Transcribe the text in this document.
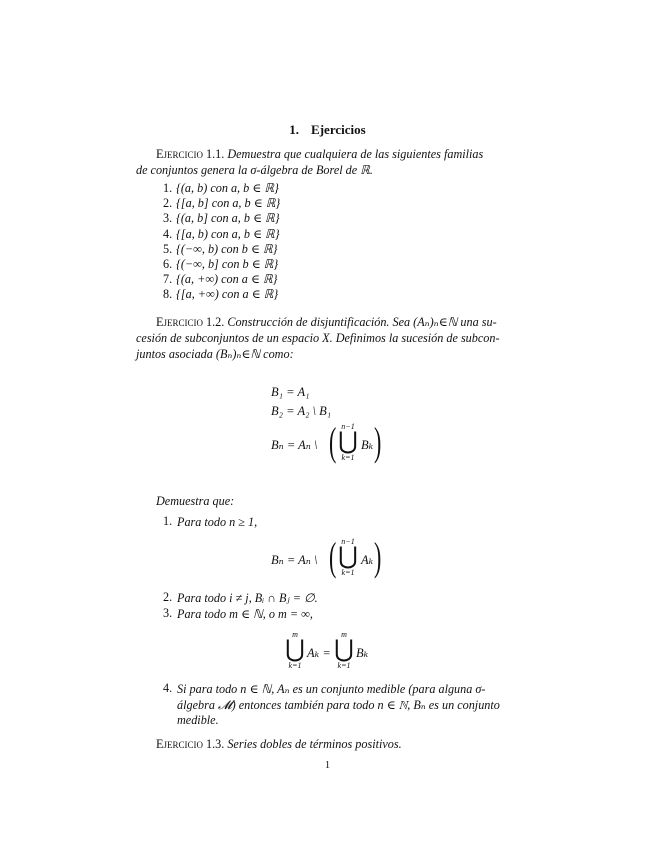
1. Ejercicios
Ejercicio 1.1. Demuestra que cualquiera de las siguientes familias
de conjuntos genera la σ-álgebra de Borel de ℝ.
1. {(a, b) con a, b ∈ ℝ}
2. {[a, b] con a, b ∈ ℝ}
3. {(a, b] con a, b ∈ ℝ}
4. {[a, b) con a, b ∈ ℝ}
5. {(−∞, b) con b ∈ ℝ}
6. {(−∞, b] con b ∈ ℝ}
7. {(a, +∞) con a ∈ ℝ}
8. {[a, +∞) con a ∈ ℝ}
Ejercicio 1.2. Construcción de disjuntificación. Sea (Aₙ)ₙ∈ℕ una su-
cesión de subconjuntos de un espacio X. Definimos la sucesión de subcon-
juntos asociada (Bₙ)ₙ∈ℕ como:
B₁ = A₁
B₂ = A₂ \ B₁
Bₙ = Aₙ \ ( n−1
⋃
k=1
Bₖ )
Demuestra que:
1. Para todo n ≥ 1,
Bₙ = Aₙ \ ( n−1
⋃
k=1
Aₖ )
2. Para todo i ≠ j, Bᵢ ∩ Bⱼ = ∅.
3. Para todo m ∈ ℕ, o m = ∞,
m
⋃
k=1
Aₖ =
m
⋃
k=1
Bₖ
4. Si para todo n ∈ ℕ, Aₙ es un conjunto medible (para alguna σ-
álgebra 𝓜) entonces también para todo n ∈ ℕ, Bₙ es un conjunto
medible.
Ejercicio 1.3. Series dobles de términos positivos.
1
